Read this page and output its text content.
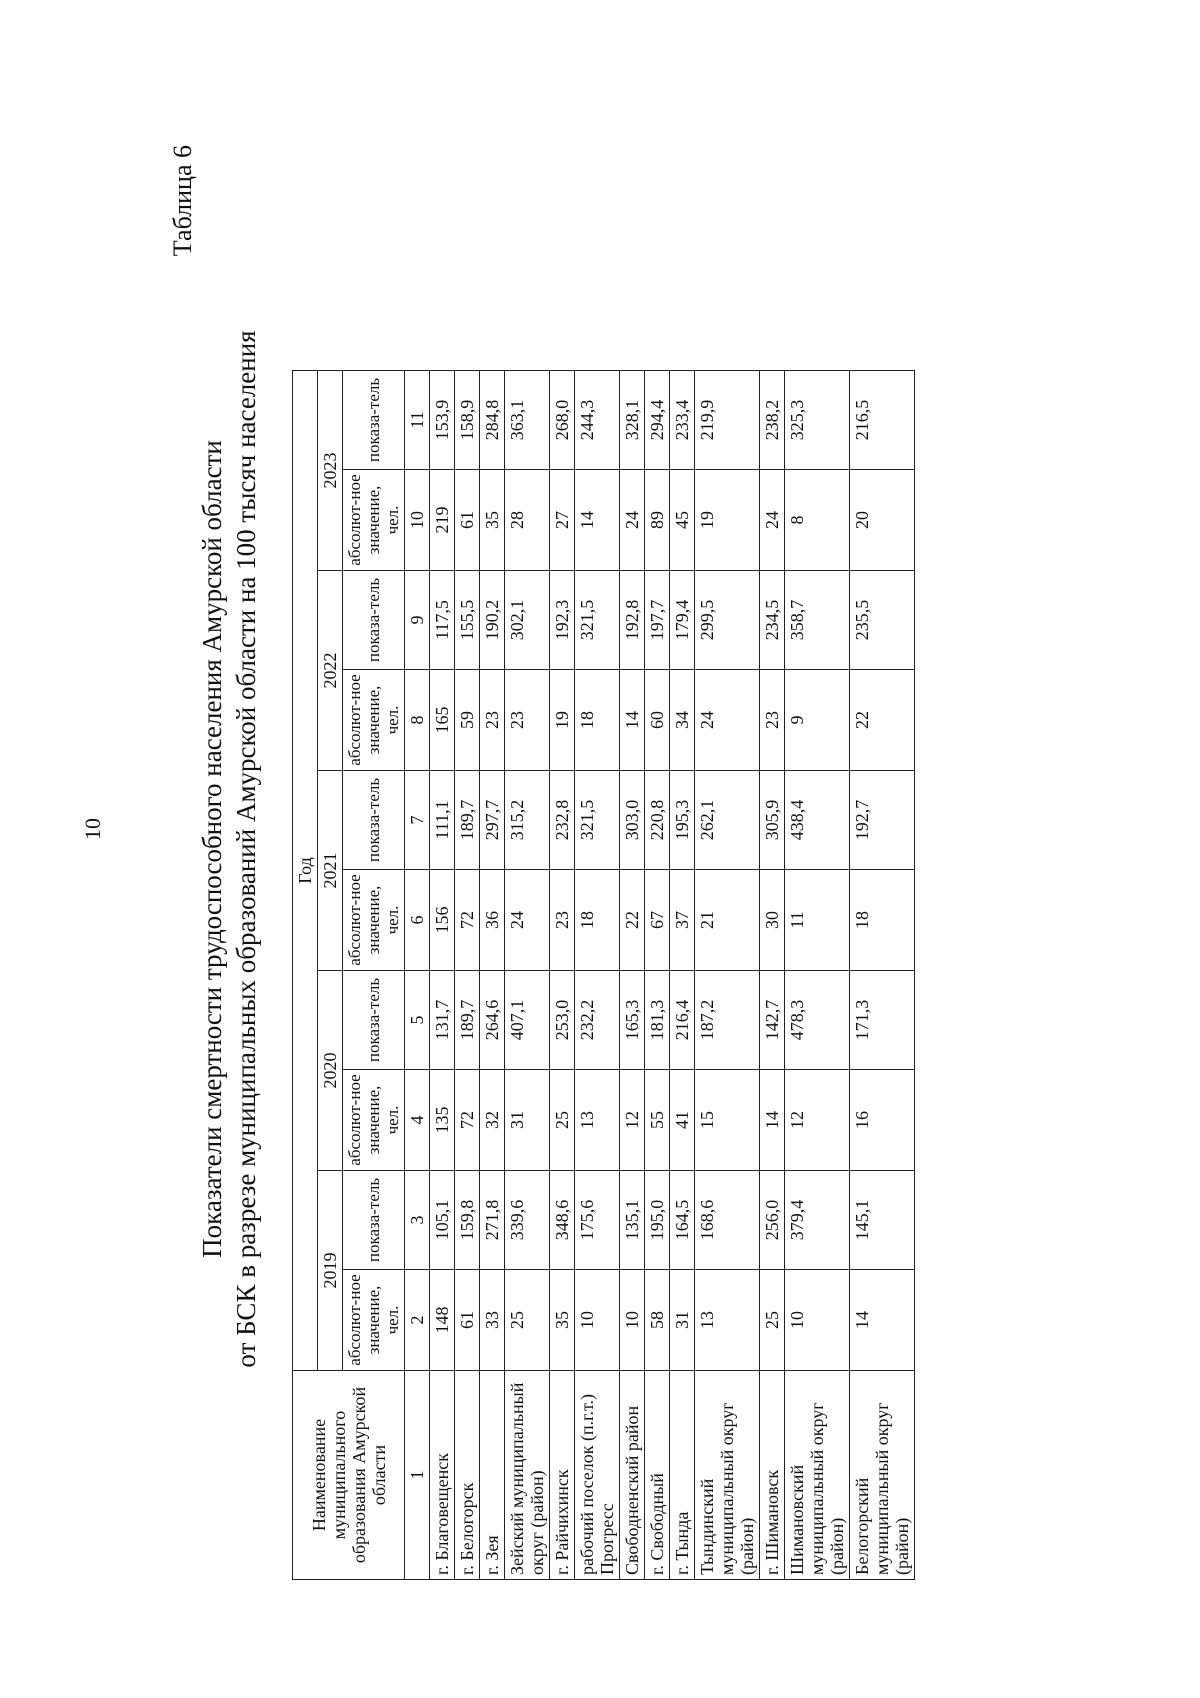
10
Таблица 6
Показатели смертности трудоспособного населения Амурской области от БСК в разрезе муниципальных образований Амурской области на 100 тысяч населения
Наименование муниципального образования Амурской области	Год									
	2019		2020		2021		2022		2023	
	абсолют-ное значение, чел.	показа-тель	абсолют-ное значение, чел.	показа-тель	абсолют-ное значение, чел.	показа-тель	абсолют-ное значение, чел.	показа-тель	абсолют-ное значение, чел.	показа-тель
1	2	3	4	5	6	7	8	9	10	11
г. Благовещенск	148	105,1	135	131,7	156	111,1	165	117,5	219	153,9
г. Белогорск	61	159,8	72	189,7	72	189,7	59	155,5	61	158,9
г. Зея	33	271,8	32	264,6	36	297,7	23	190,2	35	284,8
Зейский муниципальный округ (район)	25	339,6	31	407,1	24	315,2	23	302,1	28	363,1
г. Райчихинск	35	348,6	25	253,0	23	232,8	19	192,3	27	268,0
рабочий поселок (п.г.т.) Прогресс	10	175,6	13	232,2	18	321,5	18	321,5	14	244,3
Свободненский район	10	135,1	12	165,3	22	303,0	14	192,8	24	328,1
г. Свободный	58	195,0	55	181,3	67	220,8	60	197,7	89	294,4
г. Тында	31	164,5	41	216,4	37	195,3	34	179,4	45	233,4
Тындинский муниципальный округ (район)	13	168,6	15	187,2	21	262,1	24	299,5	19	219,9
г. Шимановск	25	256,0	14	142,7	30	305,9	23	234,5	24	238,2
Шимановский муниципальный округ (район)	10	379,4	12	478,3	11	438,4	9	358,7	8	325,3
Белогорский муниципальный округ (район)	14	145,1	16	171,3	18	192,7	22	235,5	20	216,5
